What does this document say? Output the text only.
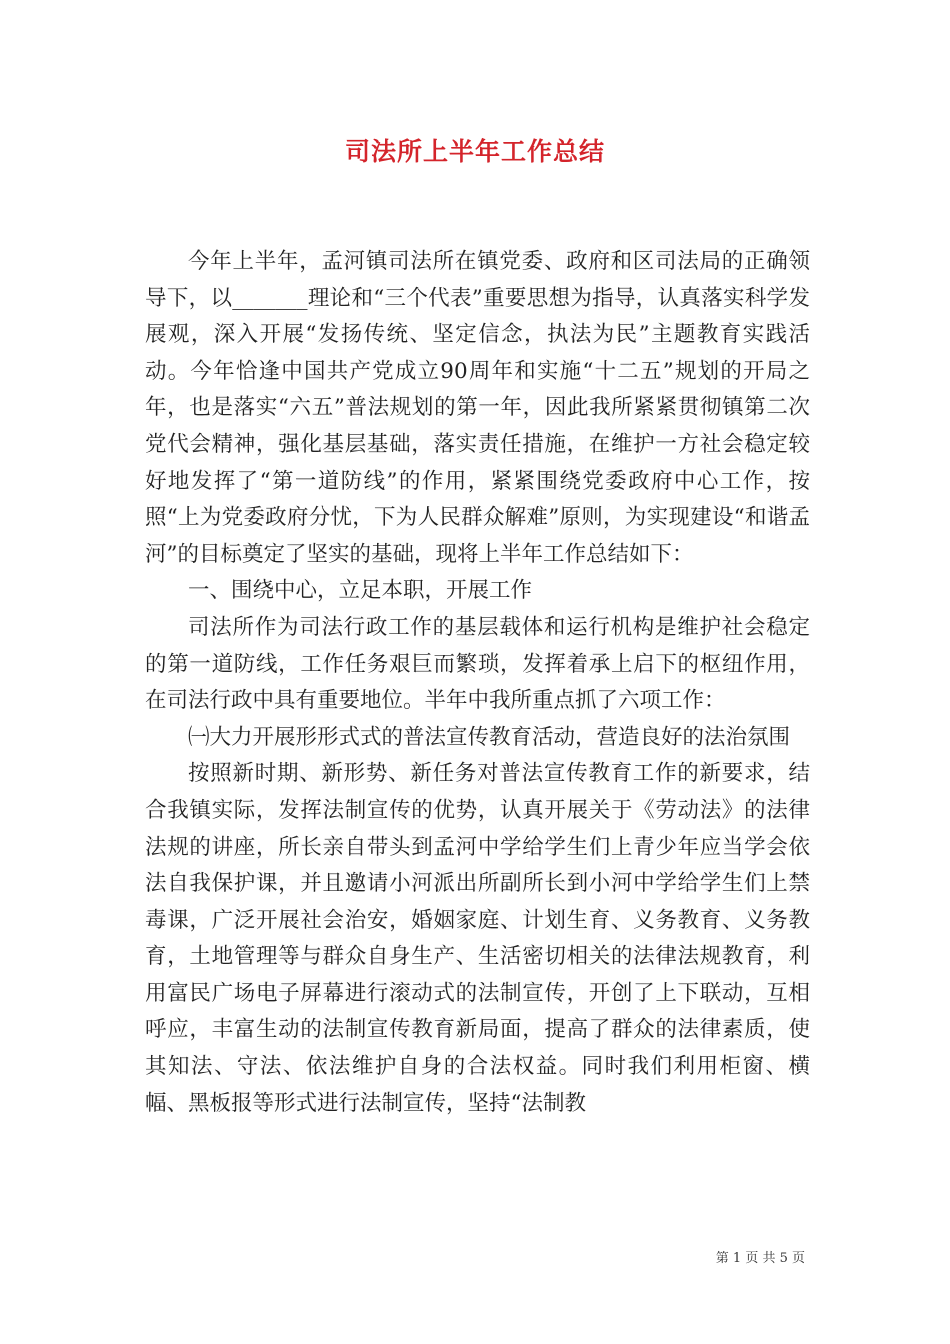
司法所上半年工作总结

今年上半年，孟河镇司法所在镇党委、政府和区司法局的正确领导下，以_______理论和“三个代表”重要思想为指导，认真落实科学发展观，深入开展“发扬传统、坚定信念，执法为民”主题教育实践活动。今年恰逢中国共产党成立90周年和实施“十二五”规划的开局之年，也是落实“六五”普法规划的第一年，因此我所紧紧贯彻镇第二次党代会精神，强化基层基础，落实责任措施，在维护一方社会稳定较好地发挥了“第一道防线”的作用，紧紧围绕党委政府中心工作，按照“上为党委政府分忧，下为人民群众解难”原则，为实现建设“和谐孟河”的目标奠定了坚实的基础，现将上半年工作总结如下：

一、围绕中心，立足本职，开展工作

司法所作为司法行政工作的基层载体和运行机构是维护社会稳定的第一道防线，工作任务艰巨而繁琐，发挥着承上启下的枢纽作用，在司法行政中具有重要地位。半年中我所重点抓了六项工作：

㈠大力开展形形式式的普法宣传教育活动，营造良好的法治氛围

按照新时期、新形势、新任务对普法宣传教育工作的新要求，结合我镇实际，发挥法制宣传的优势，认真开展关于《劳动法》的法律法规的讲座，所长亲自带头到孟河中学给学生们上青少年应当学会依法自我保护课，并且邀请小河派出所副所长到小河中学给学生们上禁毒课，广泛开展社会治安，婚姻家庭、计划生育、义务教育、义务教育，土地管理等与群众自身生产、生活密切相关的法律法规教育，利用富民广场电子屏幕进行滚动式的法制宣传，开创了上下联动，互相呼应，丰富生动的法制宣传教育新局面，提高了群众的法律素质，使其知法、守法、依法维护自身的合法权益。同时我们利用柜窗、横幅、黑板报等形式进行法制宣传，坚持“法制教

第 1 页 共 5 页
